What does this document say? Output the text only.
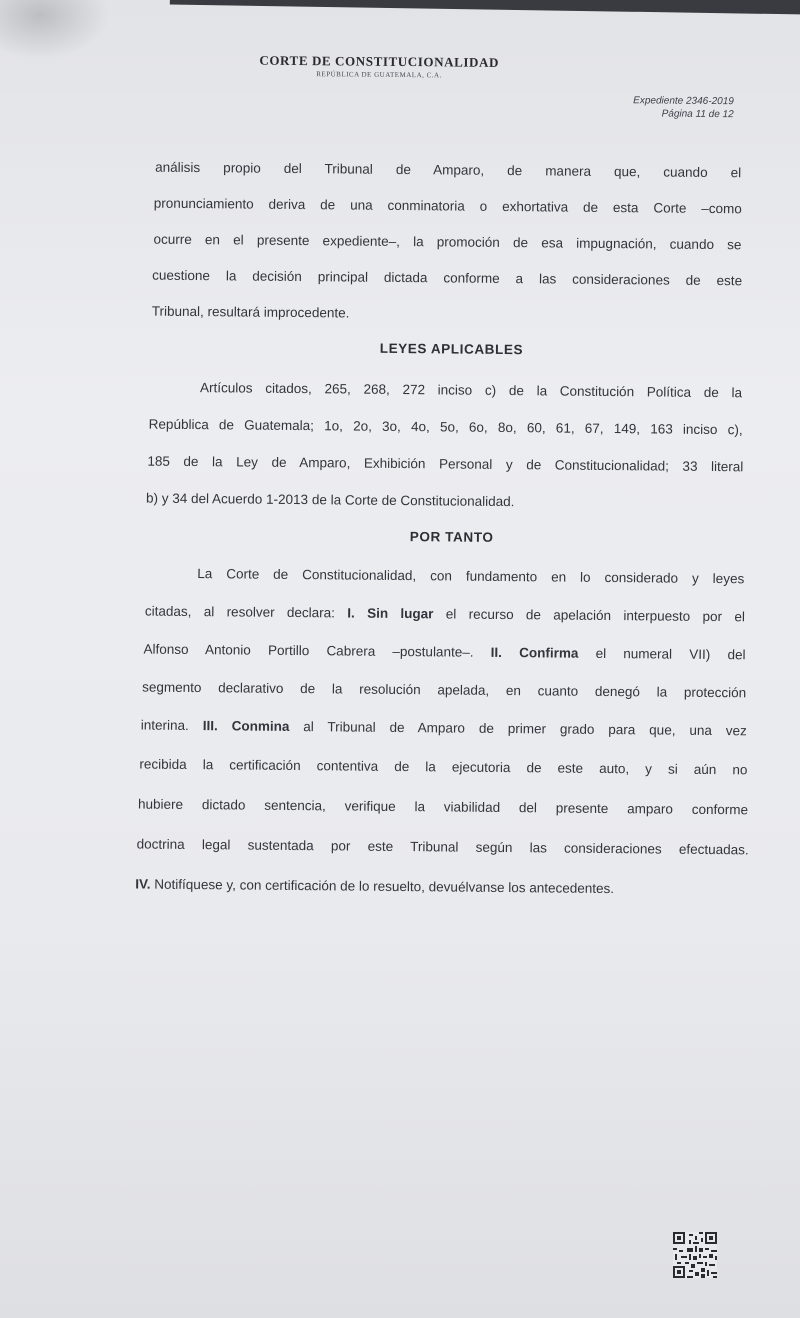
CORTE DE CONSTITUCIONALIDAD
REPÚBLICA DE GUATEMALA, C.A.
Expediente 2346-2019
Página 11 de 12
análisis propio del Tribunal de Amparo, de manera que, cuando el
pronunciamiento deriva de una conminatoria o exhortativa de esta Corte –como
ocurre en el presente expediente–, la promoción de esa impugnación, cuando se
cuestione la decisión principal dictada conforme a las consideraciones de este
Tribunal, resultará improcedente.
LEYES APLICABLES
Artículos citados, 265, 268, 272 inciso c) de la Constitución Política de la
República de Guatemala; 1o, 2o, 3o, 4o, 5o, 6o, 8o, 60, 61, 67, 149, 163 inciso c),
185 de la Ley de Amparo, Exhibición Personal y de Constitucionalidad; 33 literal
b) y 34 del Acuerdo 1-2013 de la Corte de Constitucionalidad.
POR TANTO
La Corte de Constitucionalidad, con fundamento en lo considerado y leyes
citadas, al resolver declara: I. Sin lugar el recurso de apelación interpuesto por el
Alfonso Antonio Portillo Cabrera –postulante–. II. Confirma el numeral VII) del
segmento declarativo de la resolución apelada, en cuanto denegó la protección
interina. III. Conmina al Tribunal de Amparo de primer grado para que, una vez
recibida la certificación contentiva de la ejecutoria de este auto, y si aún no
hubiere dictado sentencia, verifique la viabilidad del presente amparo conforme
doctrina legal sustentada por este Tribunal según las consideraciones efectuadas.
IV. Notifíquese y, con certificación de lo resuelto, devuélvanse los antecedentes.
